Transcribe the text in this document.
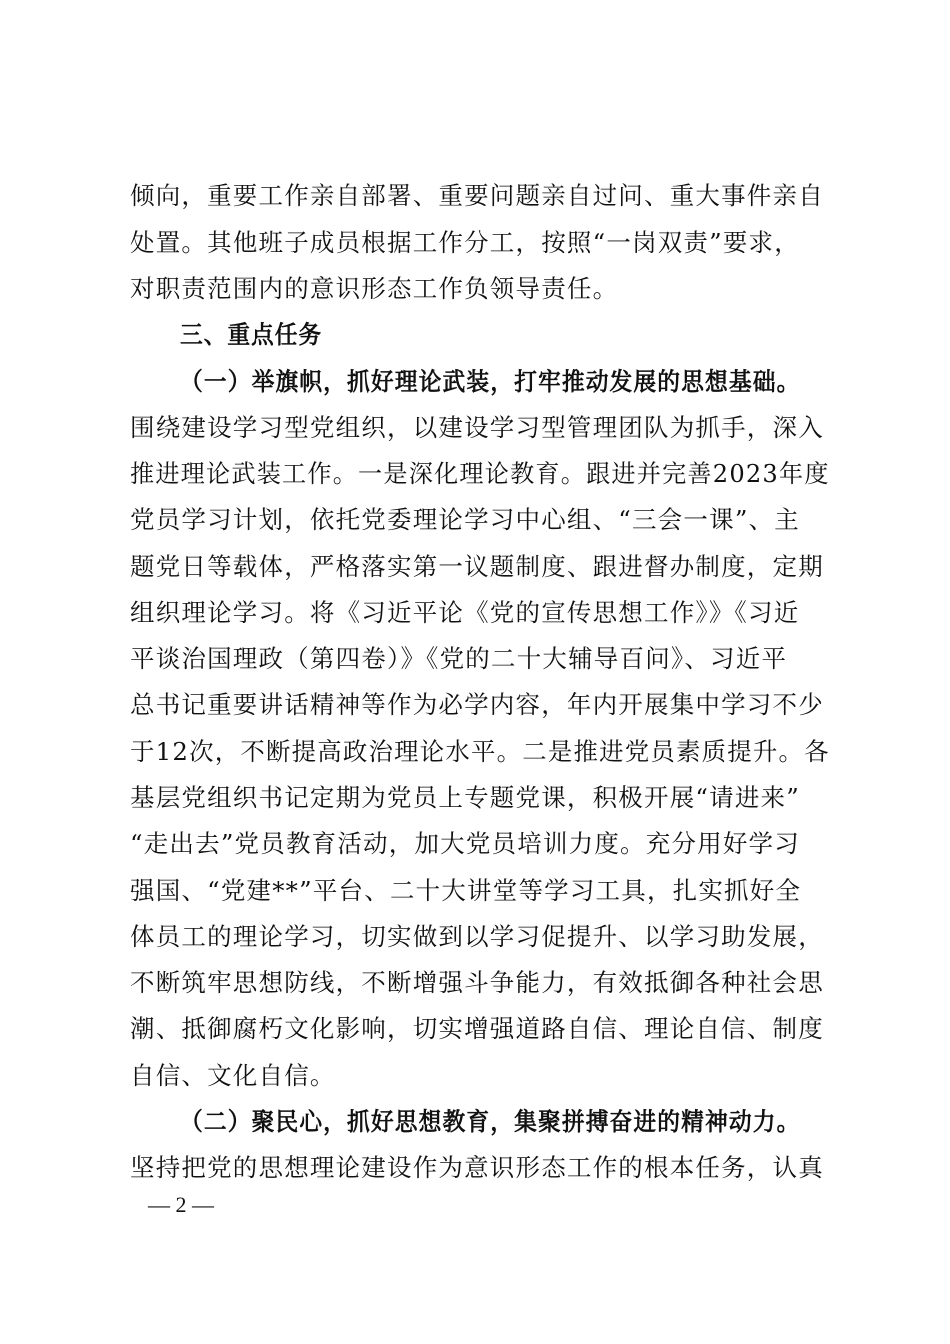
倾向，重要工作亲自部署、重要问题亲自过问、重大事件亲自
处置。其他班子成员根据工作分工，按照“一岗双责”要求，
对职责范围内的意识形态工作负领导责任。
三、重点任务
（一）举旗帜，抓好理论武装，打牢推动发展的思想基础。
围绕建设学习型党组织，以建设学习型管理团队为抓手，深入
推进理论武装工作。一是深化理论教育。跟进并完善2023年度
党员学习计划，依托党委理论学习中心组、“三会一课”、主
题党日等载体，严格落实第一议题制度、跟进督办制度，定期
组织理论学习。将《习近平论《党的宣传思想工作》》《习近
平谈治国理政（第四卷）》《党的二十大辅导百问》、习近平
总书记重要讲话精神等作为必学内容，年内开展集中学习不少
于12次，不断提高政治理论水平。二是推进党员素质提升。各
基层党组织书记定期为党员上专题党课，积极开展“请进来”
“走出去”党员教育活动，加大党员培训力度。充分用好学习
强国、“党建**”平台、二十大讲堂等学习工具，扎实抓好全
体员工的理论学习，切实做到以学习促提升、以学习助发展，
不断筑牢思想防线，不断增强斗争能力，有效抵御各种社会思
潮、抵御腐朽文化影响，切实增强道路自信、理论自信、制度
自信、文化自信。
（二）聚民心，抓好思想教育，集聚拼搏奋进的精神动力。
坚持把党的思想理论建设作为意识形态工作的根本任务，认真
— 2 —
